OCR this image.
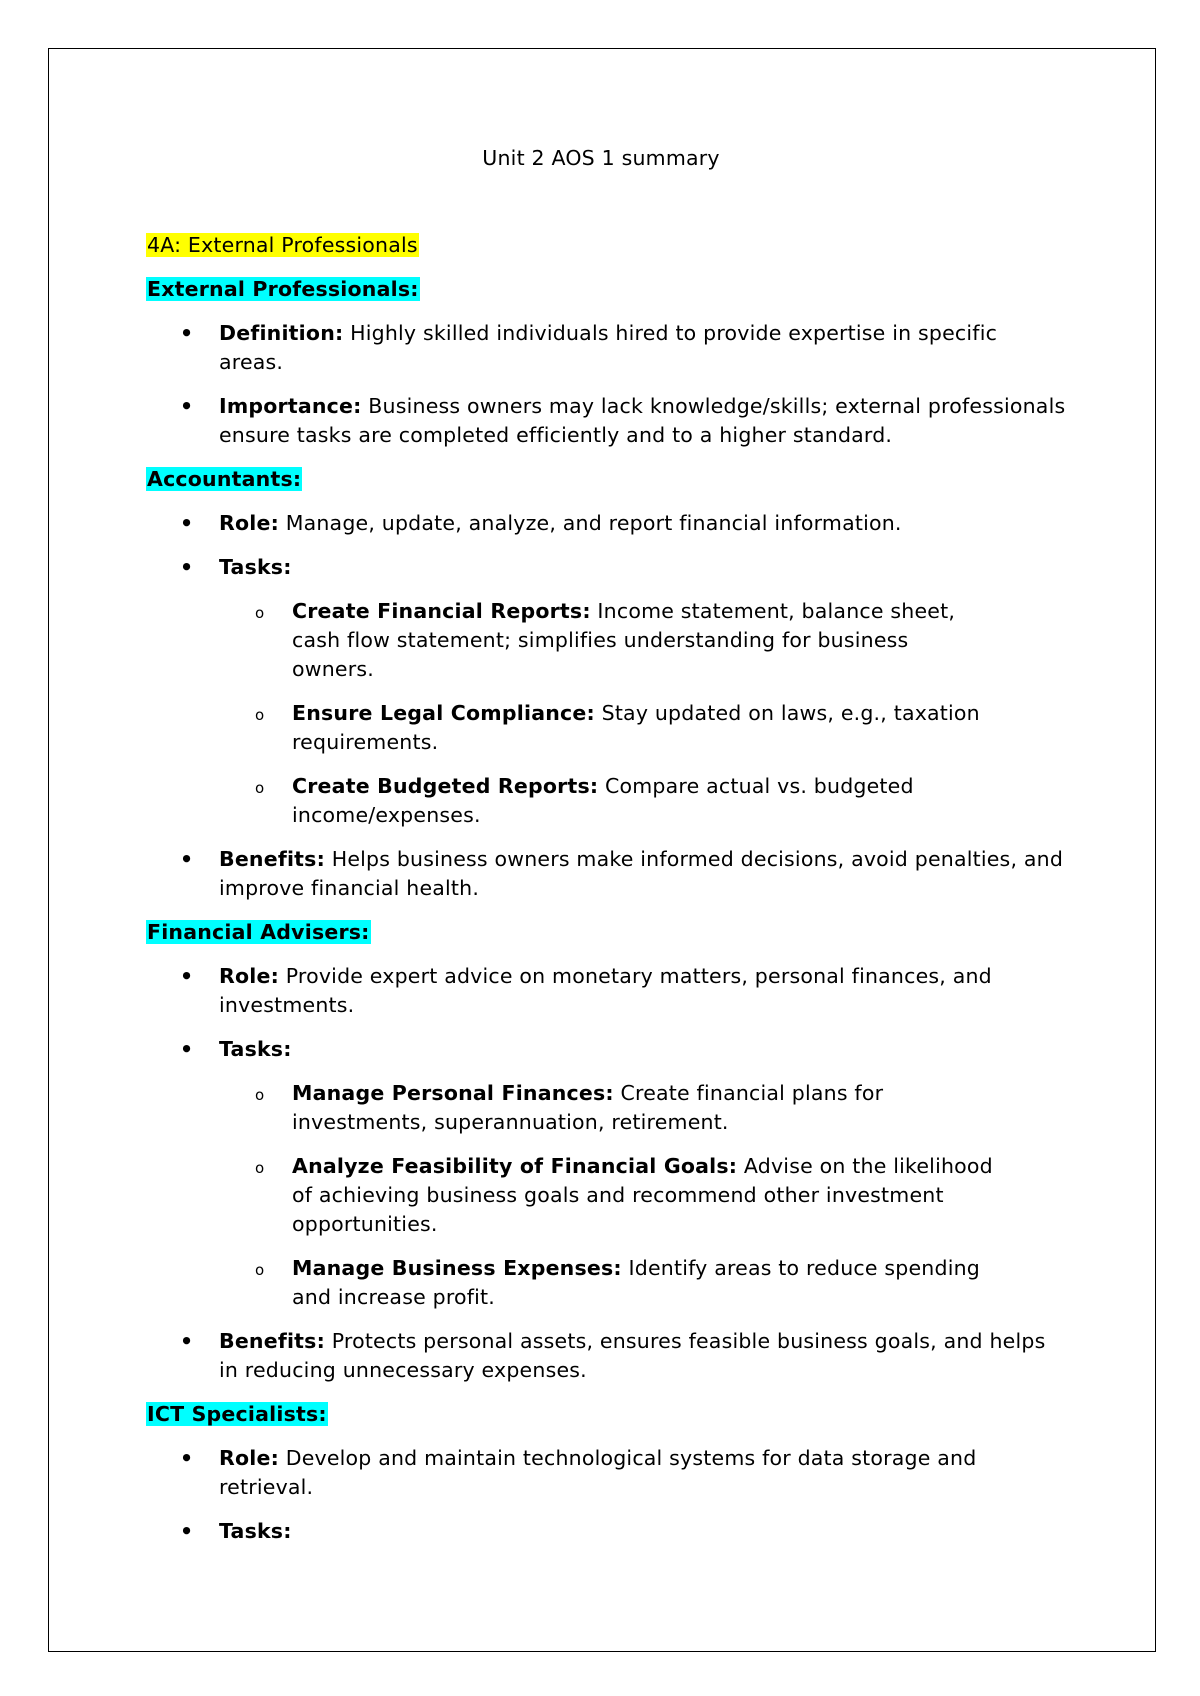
Unit 2 AOS 1 summary
4A: External Professionals
External Professionals:
• Definition: Highly skilled individuals hired to provide expertise in specific areas.
• Importance: Business owners may lack knowledge/skills; external professionals ensure tasks are completed efficiently and to a higher standard.
Accountants:
• Role: Manage, update, analyze, and report financial information.
• Tasks:
o Create Financial Reports: Income statement, balance sheet, cash flow statement; simplifies understanding for business owners.
o Ensure Legal Compliance: Stay updated on laws, e.g., taxation requirements.
o Create Budgeted Reports: Compare actual vs. budgeted income/expenses.
• Benefits: Helps business owners make informed decisions, avoid penalties, and improve financial health.
Financial Advisers:
• Role: Provide expert advice on monetary matters, personal finances, and investments.
• Tasks:
o Manage Personal Finances: Create financial plans for investments, superannuation, retirement.
o Analyze Feasibility of Financial Goals: Advise on the likelihood of achieving business goals and recommend other investment opportunities.
o Manage Business Expenses: Identify areas to reduce spending and increase profit.
• Benefits: Protects personal assets, ensures feasible business goals, and helps in reducing unnecessary expenses.
ICT Specialists:
• Role: Develop and maintain technological systems for data storage and retrieval.
• Tasks:
